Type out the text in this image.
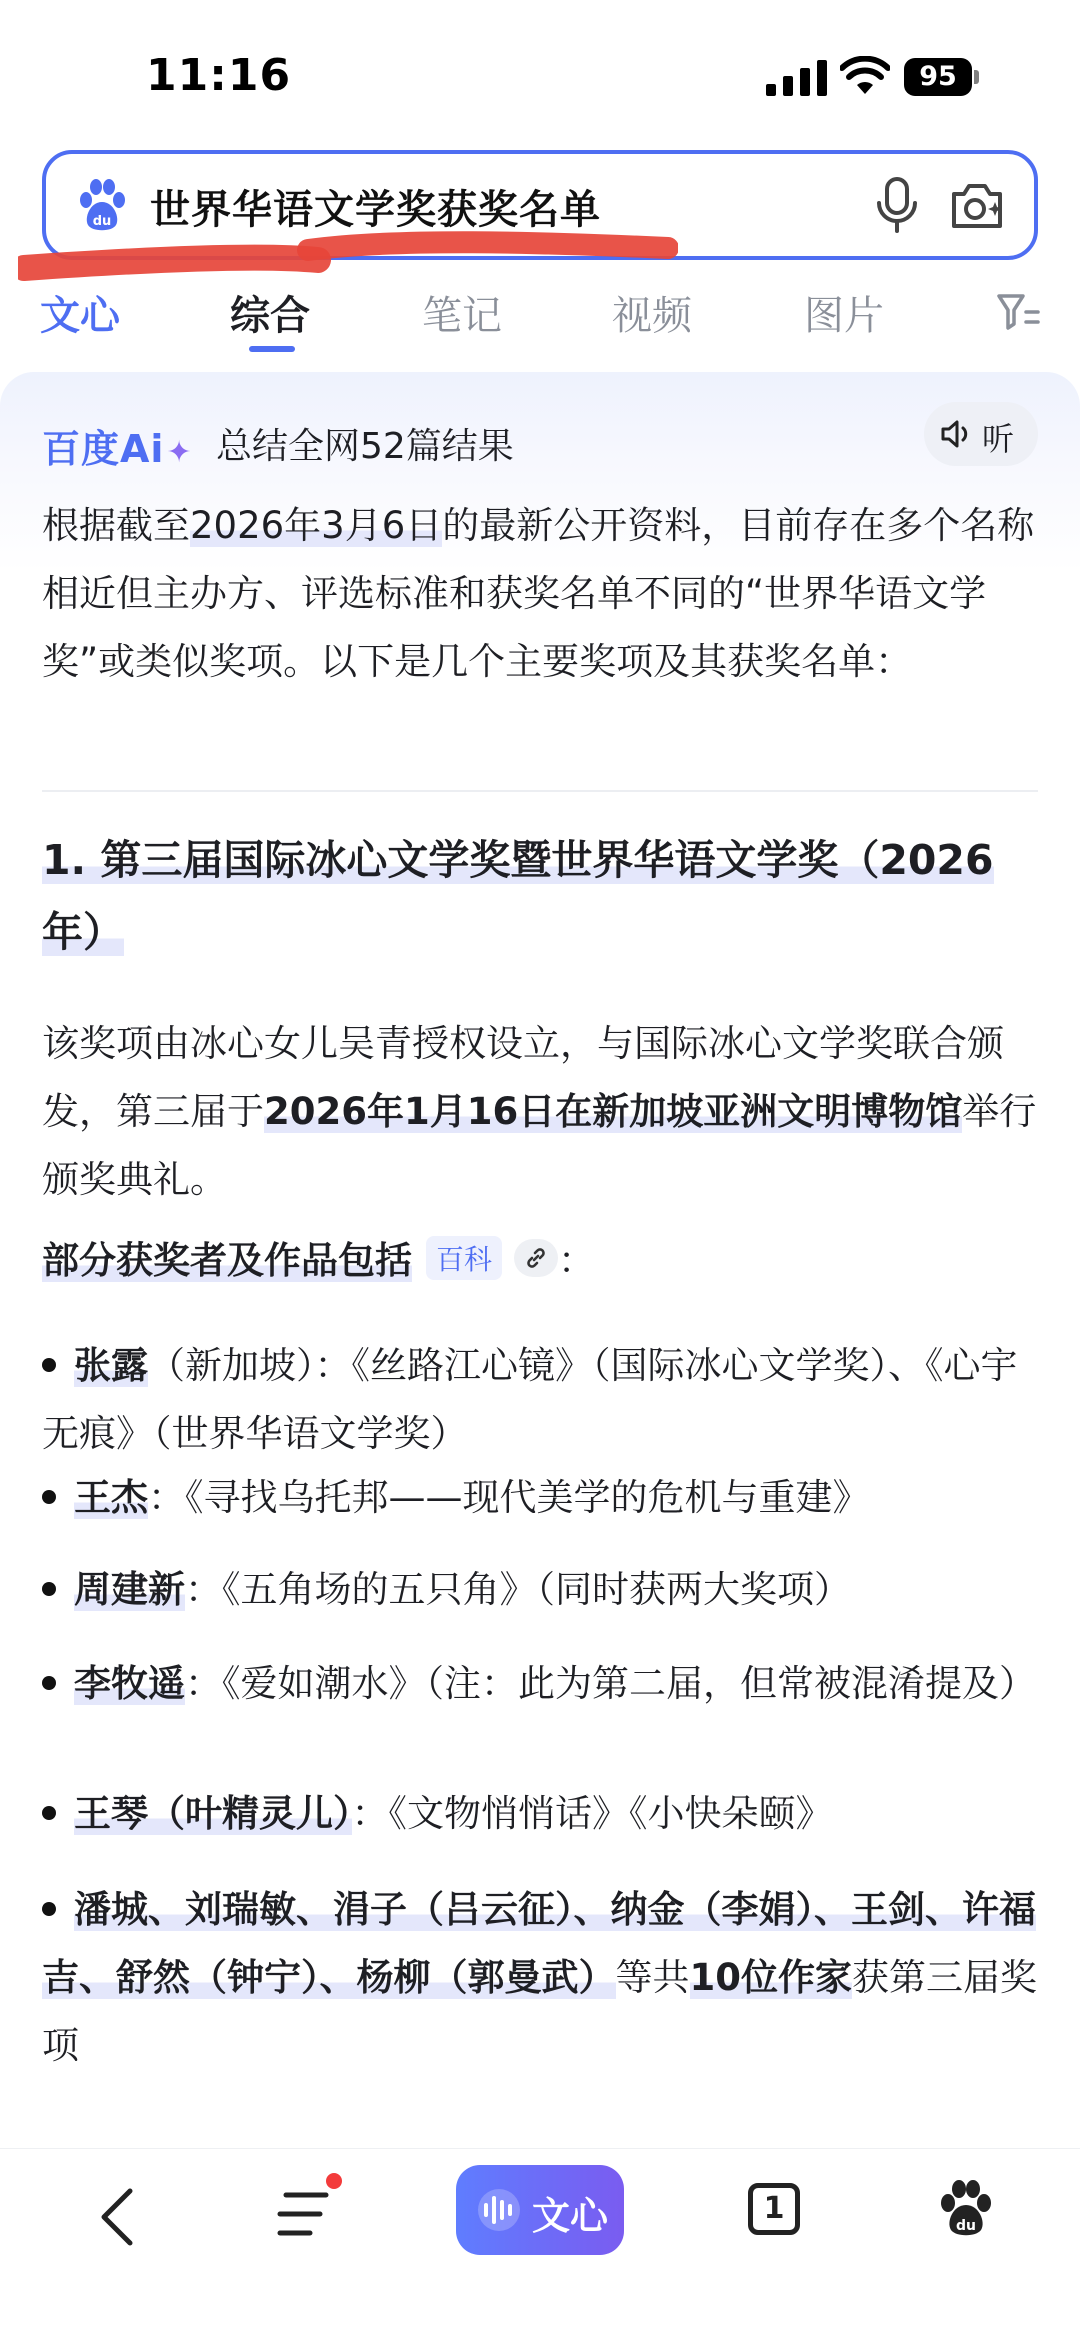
11:16	95
du 世界华语文学奖获奖名单
文心	综合	笔记	视频	图片
百度Ai✦ 总结全网52篇结果	听
根据截至2026年3月6日的最新公开资料，目前存在多个名称相近但主办方、评选标准和获奖名单不同的“世界华语文学奖”或类似奖项。以下是几个主要奖项及其获奖名单：
1. 第三届国际冰心文学奖暨世界华语文学奖（2026年）
该奖项由冰心女儿吴青授权设立，与国际冰心文学奖联合颁发，第三届于2026年1月16日在新加坡亚洲文明博物馆举行颁奖典礼。
部分获奖者及作品包括 百科 ：
张露（新加坡）：《丝路江心镜》（国际冰心文学奖）、《心宇无痕》（世界华语文学奖）
王杰：《寻找乌托邦——现代美学的危机与重建》
周建新：《五角场的五只角》（同时获两大奖项）
李牧遥：《爱如潮水》（注：此为第二届，但常被混淆提及）
王琴（叶精灵儿）：《文物悄悄话》《小快朵颐》
潘城、刘瑞敏、涓子（吕云征）、纳金（李娟）、王剑、许福吉、舒然（钟宁）、杨柳（郭曼武）等共10位作家获第三届奖项
文心	1	du
